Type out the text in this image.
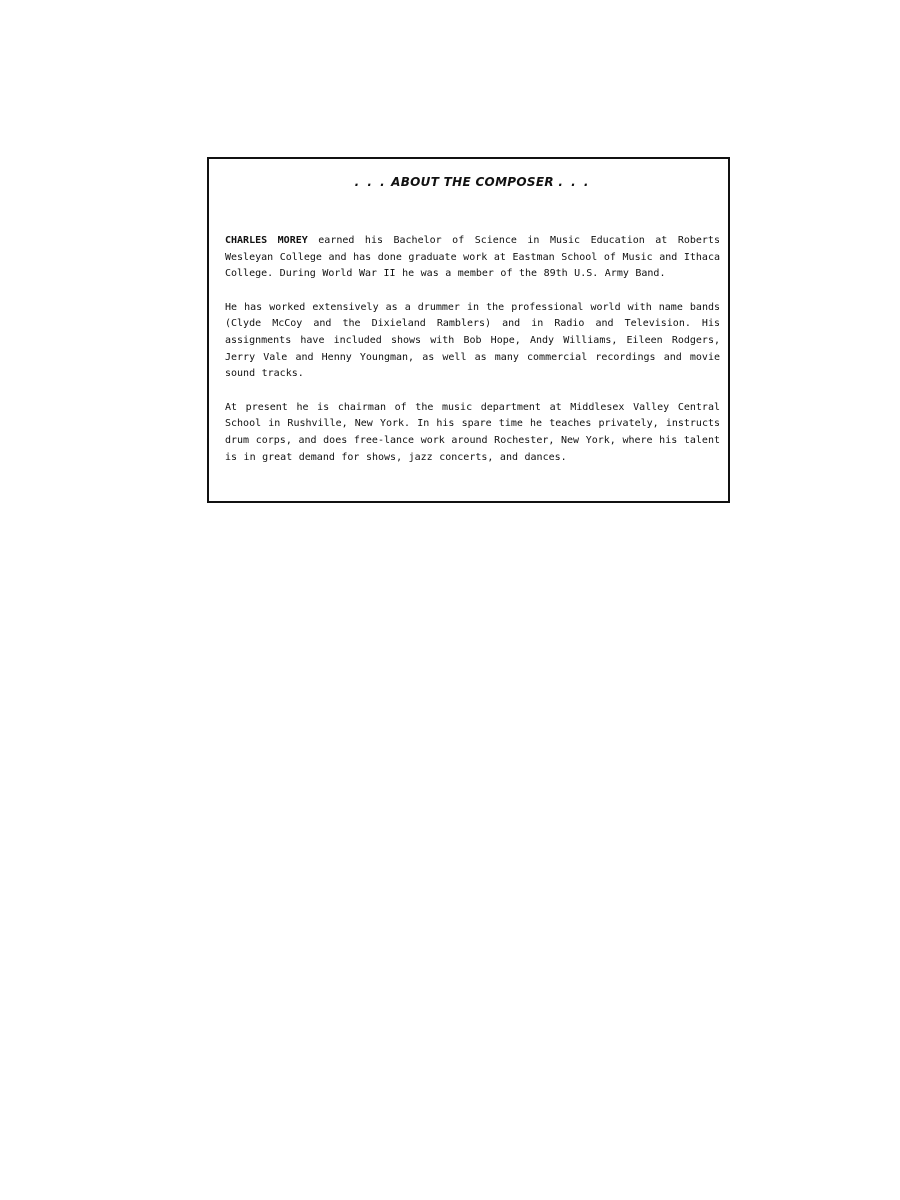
. . . ABOUT THE COMPOSER . . .

CHARLES MOREY earned his Bachelor of Science in Music Education at Roberts Wesleyan College and has done graduate work at Eastman School of Music and Ithaca College. During World War II he was a member of the 89th U.S. Army Band.

He has worked extensively as a drummer in the professional world with name bands (Clyde McCoy and the Dixieland Ramblers) and in Radio and Television. His assignments have included shows with Bob Hope, Andy Williams, Eileen Rodgers, Jerry Vale and Henny Youngman, as well as many commercial recordings and movie sound tracks.

At present he is chairman of the music department at Middlesex Valley Central School in Rushville, New York. In his spare time he teaches privately, instructs drum corps, and does free-lance work around Rochester, New York, where his talent is in great demand for shows, jazz concerts, and dances.
